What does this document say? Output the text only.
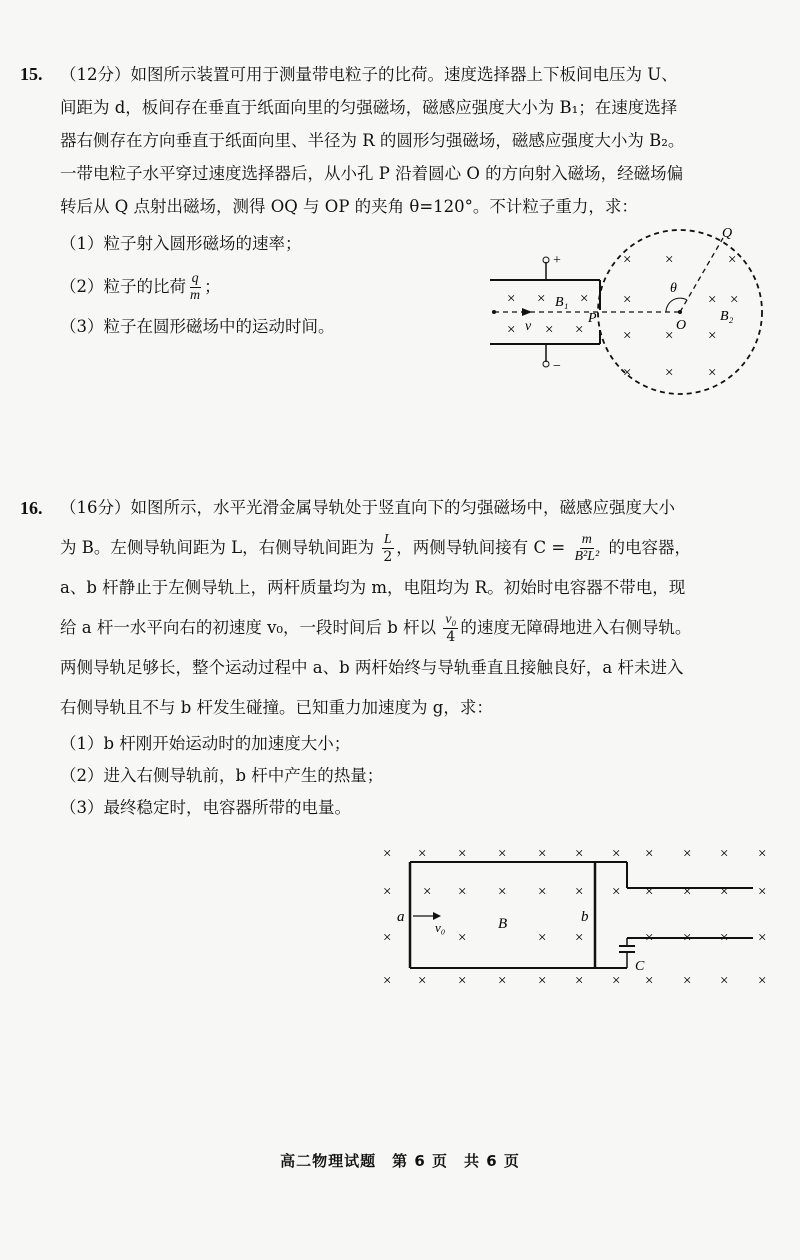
15. （12分）如图所示装置可用于测量带电粒子的比荷。速度选择器上下板间电压为 U、
间距为 d，板间存在垂直于纸面向里的匀强磁场，磁感应强度大小为 B₁；在速度选择
器右侧存在方向垂直于纸面向里、半径为 R 的圆形匀强磁场，磁感应强度大小为 B₂。
一带电粒子水平穿过速度选择器后，从小孔 P 沿着圆心 O 的方向射入磁场，经磁场偏
转后从 Q 点射出磁场，测得 OQ 与 OP 的夹角 θ=120°。不计粒子重力，求：
（1）粒子射入圆形磁场的速率；
（2）粒子的比荷 $\frac{q}{m}$ ；
（3）粒子在圆形磁场中的运动时间。
+
−
× × ×
× × ×
B₁
v
P
× ×	×
×	× ×
× × ×
× × ×
θ
O
Q
B₂
16. （16分）如图所示，水平光滑金属导轨处于竖直向下的匀强磁场中，磁感应强度大小
为 B。左侧导轨间距为 L，右侧导轨间距为 $\frac{L}{2}$ ，两侧导轨间接有 $C = \frac{m}{\text{B²L²}}$ 的电容器，
a、b 杆静止于左侧导轨上，两杆质量均为 m，电阻均为 R。初始时电容器不带电，现
给 a 杆一水平向右的初速度 v₀，一段时间后 b 杆以 $\frac{\text{v₀}}{4}$ 的速度无障碍地进入右侧导轨。
两侧导轨足够长，整个运动过程中 a、b 两杆始终与导轨垂直且接触良好，a 杆未进入
右侧导轨且不与 b 杆发生碰撞。已知重力加速度为 g，求：
（1）b 杆刚开始运动时的加速度大小；
（2）进入右侧导轨前，b 杆中产生的热量；
（3）最终稳定时，电容器所带的电量。
× × × × × × × × × × ×
× × × × × × × × × × ×
×	×	× ×	× × × ×
× × × × × × × × × × ×
C
a	b
v₀	B
高二物理试题　第 6 页　共 6 页
